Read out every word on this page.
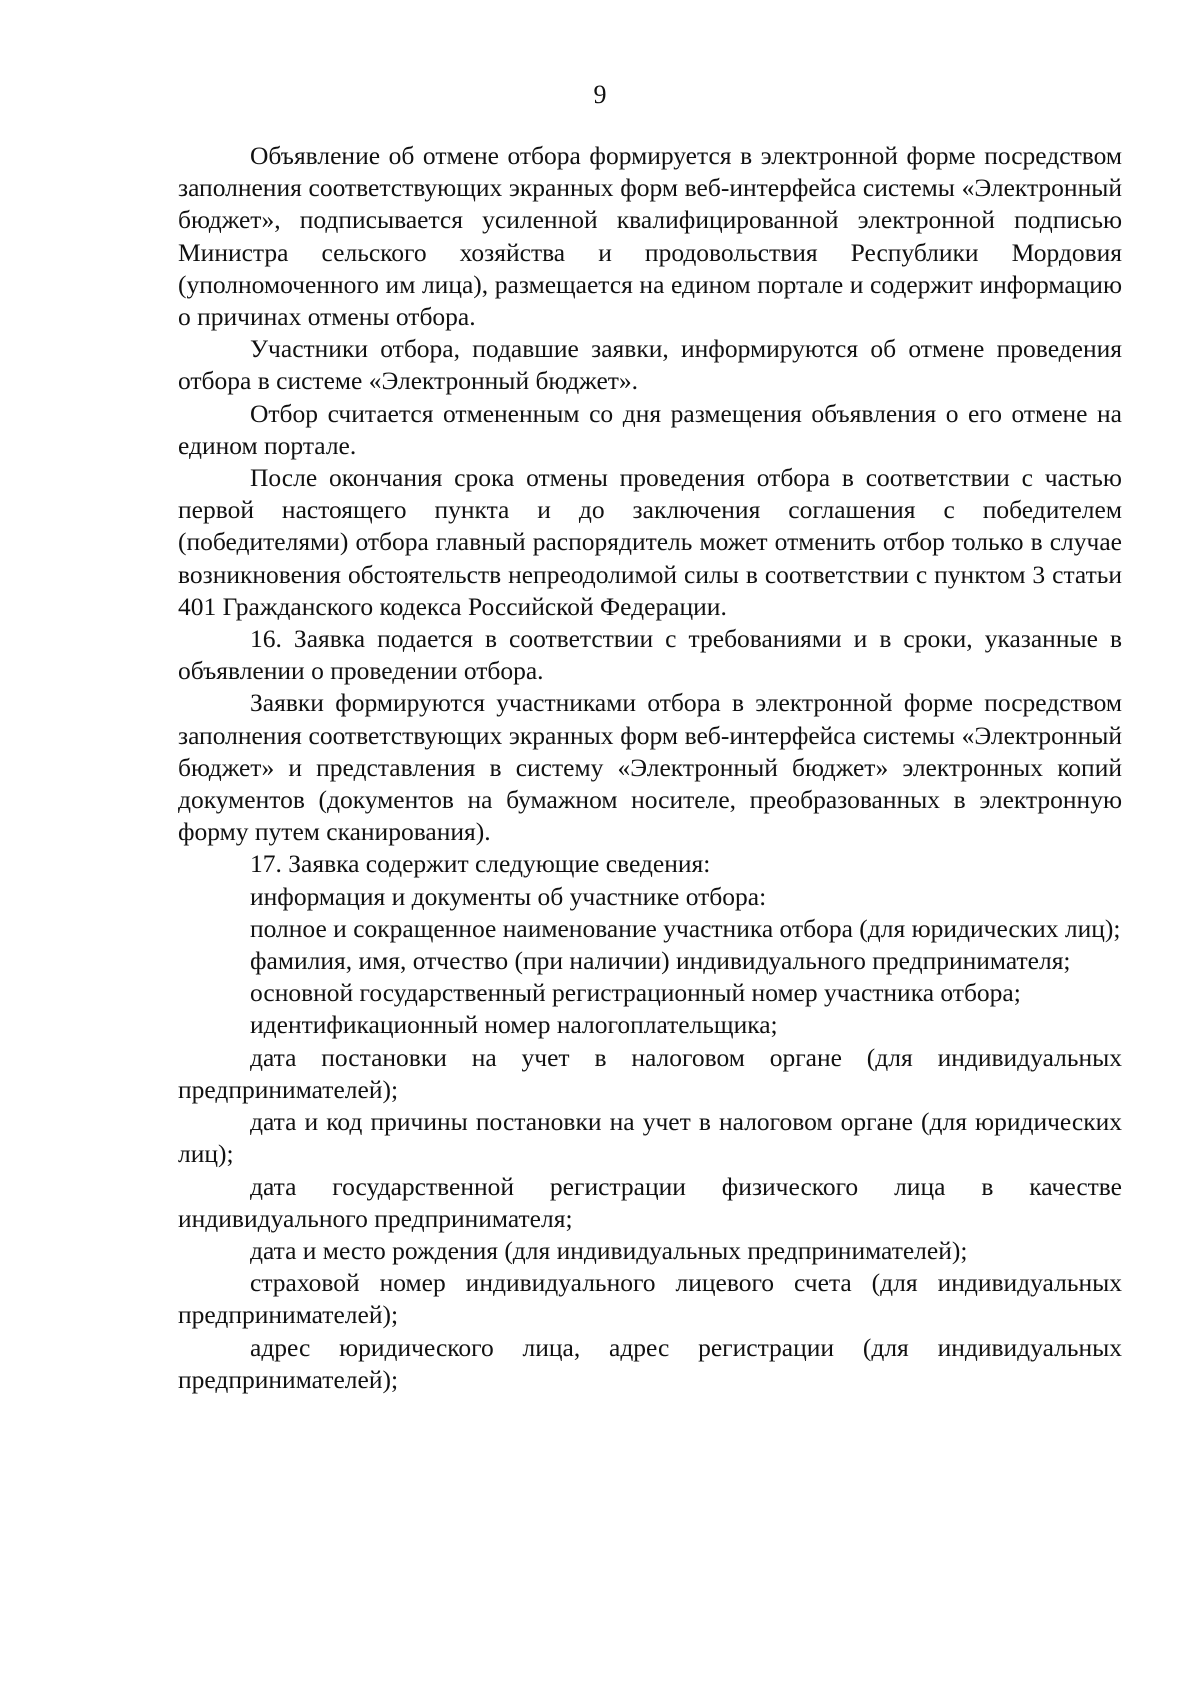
9

Объявление об отмене отбора формируется в электронной форме посредством заполнения соответствующих экранных форм веб-интерфейса системы «Электронный бюджет», подписывается усиленной квалифицированной электронной подписью Министра сельского хозяйства и продовольствия Республики Мордовия (уполномоченного им лица), размещается на едином портале и содержит информацию о причинах отмены отбора.

Участники отбора, подавшие заявки, информируются об отмене проведения отбора в системе «Электронный бюджет».

Отбор считается отмененным со дня размещения объявления о его отмене на едином портале.

После окончания срока отмены проведения отбора в соответствии с частью первой настоящего пункта и до заключения соглашения с победителем (победителями) отбора главный распорядитель может отменить отбор только в случае возникновения обстоятельств непреодолимой силы в соответствии с пунктом 3 статьи 401 Гражданского кодекса Российской Федерации.

16. Заявка подается в соответствии с требованиями и в сроки, указанные в объявлении о проведении отбора.

Заявки формируются участниками отбора в электронной форме посредством заполнения соответствующих экранных форм веб-интерфейса системы «Электронный бюджет» и представления в систему «Электронный бюджет» электронных копий документов (документов на бумажном носителе, преобразованных в электронную форму путем сканирования).

17. Заявка содержит следующие сведения:

информация и документы об участнике отбора:

полное и сокращенное наименование участника отбора (для юридических лиц);

фамилия, имя, отчество (при наличии) индивидуального предпринимателя;

основной государственный регистрационный номер участника отбора;

идентификационный номер налогоплательщика;

дата постановки на учет в налоговом органе (для индивидуальных предпринимателей);

дата и код причины постановки на учет в налоговом органе (для юридических лиц);

дата государственной регистрации физического лица в качестве индивидуального предпринимателя;

дата и место рождения (для индивидуальных предпринимателей);

страховой номер индивидуального лицевого счета (для индивидуальных предпринимателей);

адрес юридического лица, адрес регистрации (для индивидуальных предпринимателей);
